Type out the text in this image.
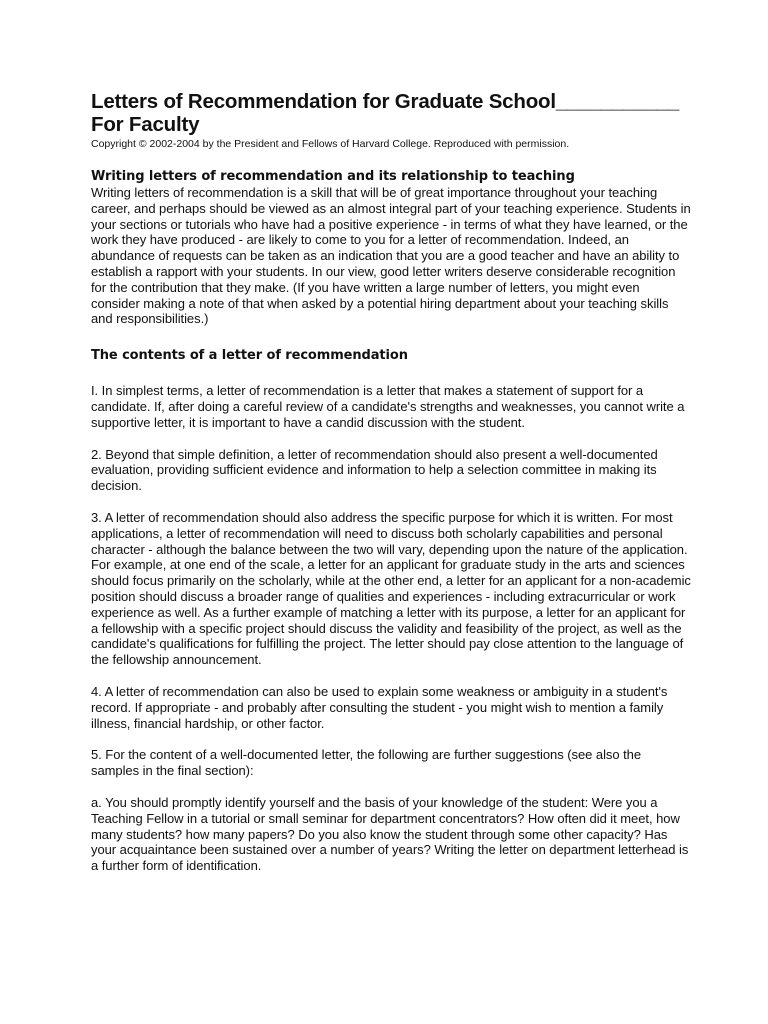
Letters of Recommendation for Graduate School___________
For Faculty

Copyright © 2002-2004 by the President and Fellows of Harvard College. Reproduced with permission.

Writing letters of recommendation and its relationship to teaching

Writing letters of recommendation is a skill that will be of great importance throughout your teaching career, and perhaps should be viewed as an almost integral part of your teaching experience. Students in your sections or tutorials who have had a positive experience - in terms of what they have learned, or the work they have produced - are likely to come to you for a letter of recommendation. Indeed, an abundance of requests can be taken as an indication that you are a good teacher and have an ability to establish a rapport with your students. In our view, good letter writers deserve considerable recognition for the contribution that they make. (If you have written a large number of letters, you might even consider making a note of that when asked by a potential hiring department about your teaching skills and responsibilities.)

The contents of a letter of recommendation

I. In simplest terms, a letter of recommendation is a letter that makes a statement of support for a candidate. If, after doing a careful review of a candidate's strengths and weaknesses, you cannot write a supportive letter, it is important to have a candid discussion with the student.

2. Beyond that simple definition, a letter of recommendation should also present a well-documented evaluation, providing sufficient evidence and information to help a selection committee in making its decision.

3. A letter of recommendation should also address the specific purpose for which it is written. For most applications, a letter of recommendation will need to discuss both scholarly capabilities and personal character - although the balance between the two will vary, depending upon the nature of the application. For example, at one end of the scale, a letter for an applicant for graduate study in the arts and sciences should focus primarily on the scholarly, while at the other end, a letter for an applicant for a non-academic position should discuss a broader range of qualities and experiences - including extracurricular or work experience as well. As a further example of matching a letter with its purpose, a letter for an applicant for a fellowship with a specific project should discuss the validity and feasibility of the project, as well as the candidate's qualifications for fulfilling the project. The letter should pay close attention to the language of the fellowship announcement.

4. A letter of recommendation can also be used to explain some weakness or ambiguity in a student's record. If appropriate - and probably after consulting the student - you might wish to mention a family illness, financial hardship, or other factor.

5. For the content of a well-documented letter, the following are further suggestions (see also the samples in the final section):

a. You should promptly identify yourself and the basis of your knowledge of the student: Were you a Teaching Fellow in a tutorial or small seminar for department concentrators? How often did it meet, how many students? how many papers? Do you also know the student through some other capacity? Has your acquaintance been sustained over a number of years? Writing the letter on department letterhead is a further form of identification.
